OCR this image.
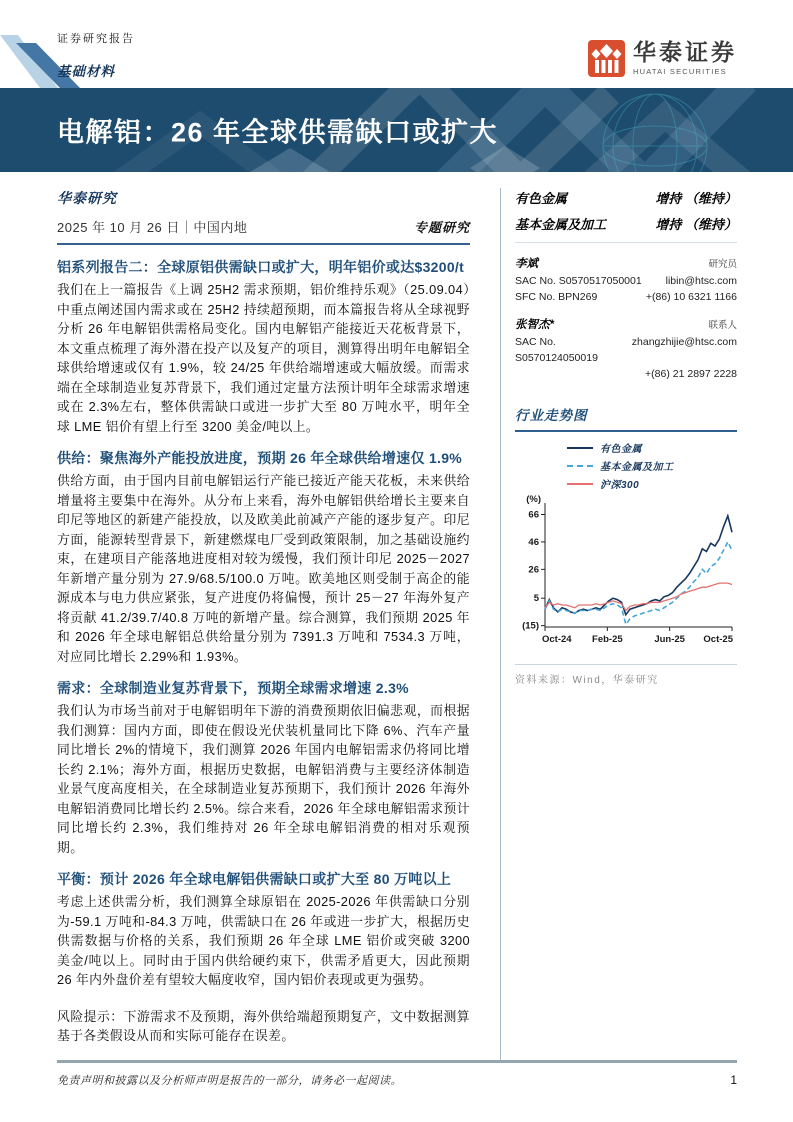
证券研究报告
基础材料
华泰证券
HUATAI SECURITIES
电解铝：26 年全球供需缺口或扩大
华泰研究
2025 年 10 月 26 日｜中国内地	专题研究
铝系列报告二：全球原铝供需缺口或扩大，明年铝价或达$3200/t

我们在上一篇报告《上调 25H2 需求预期，铝价维持乐观》（25.09.04）中重点阐述国内需求或在 25H2 持续超预期，而本篇报告将从全球视野分析 26 年电解铝供需格局变化。国内电解铝产能接近天花板背景下，本文重点梳理了海外潜在投产以及复产的项目，测算得出明年电解铝全球供给增速或仅有 1.9%，较 24/25 年供给端增速或大幅放缓。而需求端在全球制造业复苏背景下，我们通过定量方法预计明年全球需求增速或在 2.3%左右，整体供需缺口或进一步扩大至 80 万吨水平，明年全球 LME 铝价有望上行至 3200 美金/吨以上。

供给：聚焦海外产能投放进度，预期 26 年全球供给增速仅 1.9%

供给方面，由于国内目前电解铝运行产能已接近产能天花板，未来供给增量将主要集中在海外。从分布上来看，海外电解铝供给增长主要来自印尼等地区的新建产能投放，以及欧美此前减产产能的逐步复产。印尼方面，能源转型背景下，新建燃煤电厂受到政策限制，加之基础设施约束，在建项目产能落地进度相对较为缓慢，我们预计印尼 2025－2027 年新增产量分别为 27.9/68.5/100.0 万吨。欧美地区则受制于高企的能源成本与电力供应紧张，复产进度仍将偏慢，预计 25－27 年海外复产将贡献 41.2/39.7/40.8 万吨的新增产量。综合测算，我们预期 2025 年和 2026 年全球电解铝总供给量分别为 7391.3 万吨和 7534.3 万吨，对应同比增长 2.29%和 1.93%。

需求：全球制造业复苏背景下，预期全球需求增速 2.3%

我们认为市场当前对于电解铝明年下游的消费预期依旧偏悲观，而根据我们测算：国内方面，即使在假设光伏装机量同比下降 6%、汽车产量同比增长 2%的情境下，我们测算 2026 年国内电解铝需求仍将同比增长约 2.1%；海外方面，根据历史数据，电解铝消费与主要经济体制造业景气度高度相关，在全球制造业复苏预期下，我们预计 2026 年海外电解铝消费同比增长约 2.5%。综合来看，2026 年全球电解铝需求预计同比增长约 2.3%，我们维持对 26 年全球电解铝消费的相对乐观预期。

平衡：预计 2026 年全球电解铝供需缺口或扩大至 80 万吨以上

考虑上述供需分析，我们测算全球原铝在 2025-2026 年供需缺口分别为-59.1 万吨和-84.3 万吨，供需缺口在 26 年或进一步扩大，根据历史供需数据与价格的关系，我们预期 26 年全球 LME 铝价或突破 3200 美金/吨以上。同时由于国内供给硬约束下，供需矛盾更大，因此预期 26 年内外盘价差有望较大幅度收窄，国内铝价表现或更为强势。

风险提示：下游需求不及预期，海外供给端超预期复产，文中数据测算基于各类假设从而和实际可能存在误差。

有色金属	增持 （维持）
基本金属及加工	增持 （维持）
李斌	研究员
SAC No. S0570517050001 libin@htsc.com
SFC No. BPN269	+(86) 10 6321 1166
张智杰*	联系人
SAC No. S0570124050019
zhangzhijie@htsc.com
+(86) 21 2897 2228
行业走势图
有色金属
基本金属及加工
沪深300
66
46
26
5
(15)
(%)
Oct-24 Feb-25	Jun-25 Oct-25
资料来源：Wind，华泰研究
免责声明和披露以及分析师声明是报告的一部分，请务必一起阅读。	1
